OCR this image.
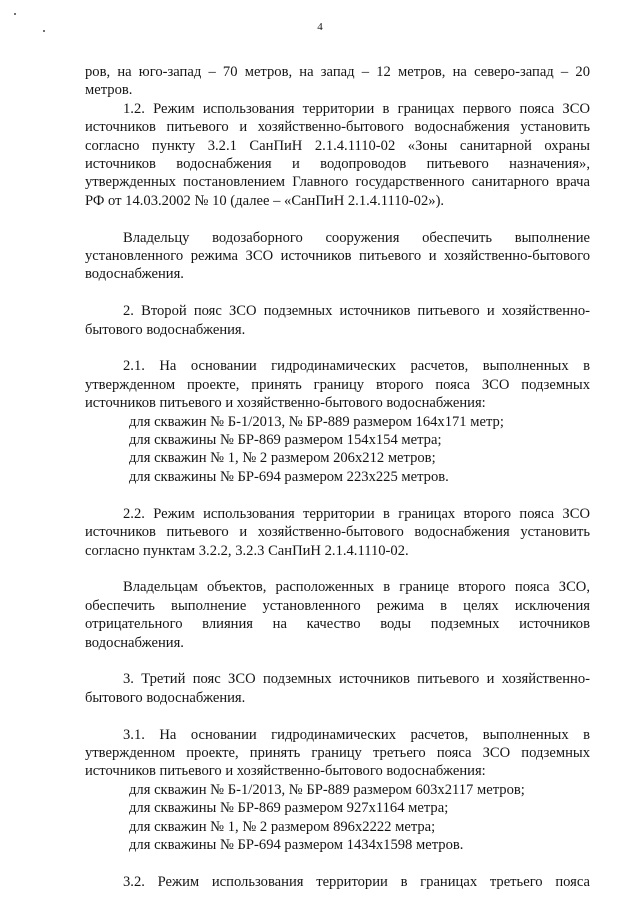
4

ров, на юго-запад – 70 метров, на запад – 12 метров, на северо-запад – 20 метров.

1.2. Режим использования территории в границах первого пояса ЗСО источников питьевого и хозяйственно-бытового водоснабжения установить согласно пункту 3.2.1 СанПиН 2.1.4.1110-02 «Зоны санитарной охраны источников водоснабжения и водопроводов питьевого назначения», утвержденных постановлением Главного государственного санитарного врача РФ от 14.03.2002 № 10 (далее – «СанПиН 2.1.4.1110-02»).

Владельцу водозаборного сооружения обеспечить выполнение установленного режима ЗСО источников питьевого и хозяйственно-бытового водоснабжения.

2. Второй пояс ЗСО подземных источников питьевого и хозяйственно-бытового водоснабжения.

2.1. На основании гидродинамических расчетов, выполненных в утвержденном проекте, принять границу второго пояса ЗСО подземных источников питьевого и хозяйственно-бытового водоснабжения:

для скважин № Б-1/2013, № БР-889 размером 164х171 метр;

для скважины № БР-869 размером 154х154 метра;

для скважин № 1, № 2 размером 206х212 метров;

для скважины № БР-694 размером 223х225 метров.

2.2. Режим использования территории в границах второго пояса ЗСО источников питьевого и хозяйственно-бытового водоснабжения установить согласно пунктам 3.2.2, 3.2.3 СанПиН 2.1.4.1110-02.

Владельцам объектов, расположенных в границе второго пояса ЗСО, обеспечить выполнение установленного режима в целях исключения отрицательного влияния на качество воды подземных источников водоснабжения.

3. Третий пояс ЗСО подземных источников питьевого и хозяйственно-бытового водоснабжения.

3.1. На основании гидродинамических расчетов, выполненных в утвержденном проекте, принять границу третьего пояса ЗСО подземных источников питьевого и хозяйственно-бытового водоснабжения:

для скважин № Б-1/2013, № БР-889 размером 603х2117 метров;

для скважины № БР-869 размером 927х1164 метра;

для скважин № 1, № 2 размером 896х2222 метра;

для скважины № БР-694 размером 1434х1598 метров.

3.2. Режим использования территории в границах третьего пояса
